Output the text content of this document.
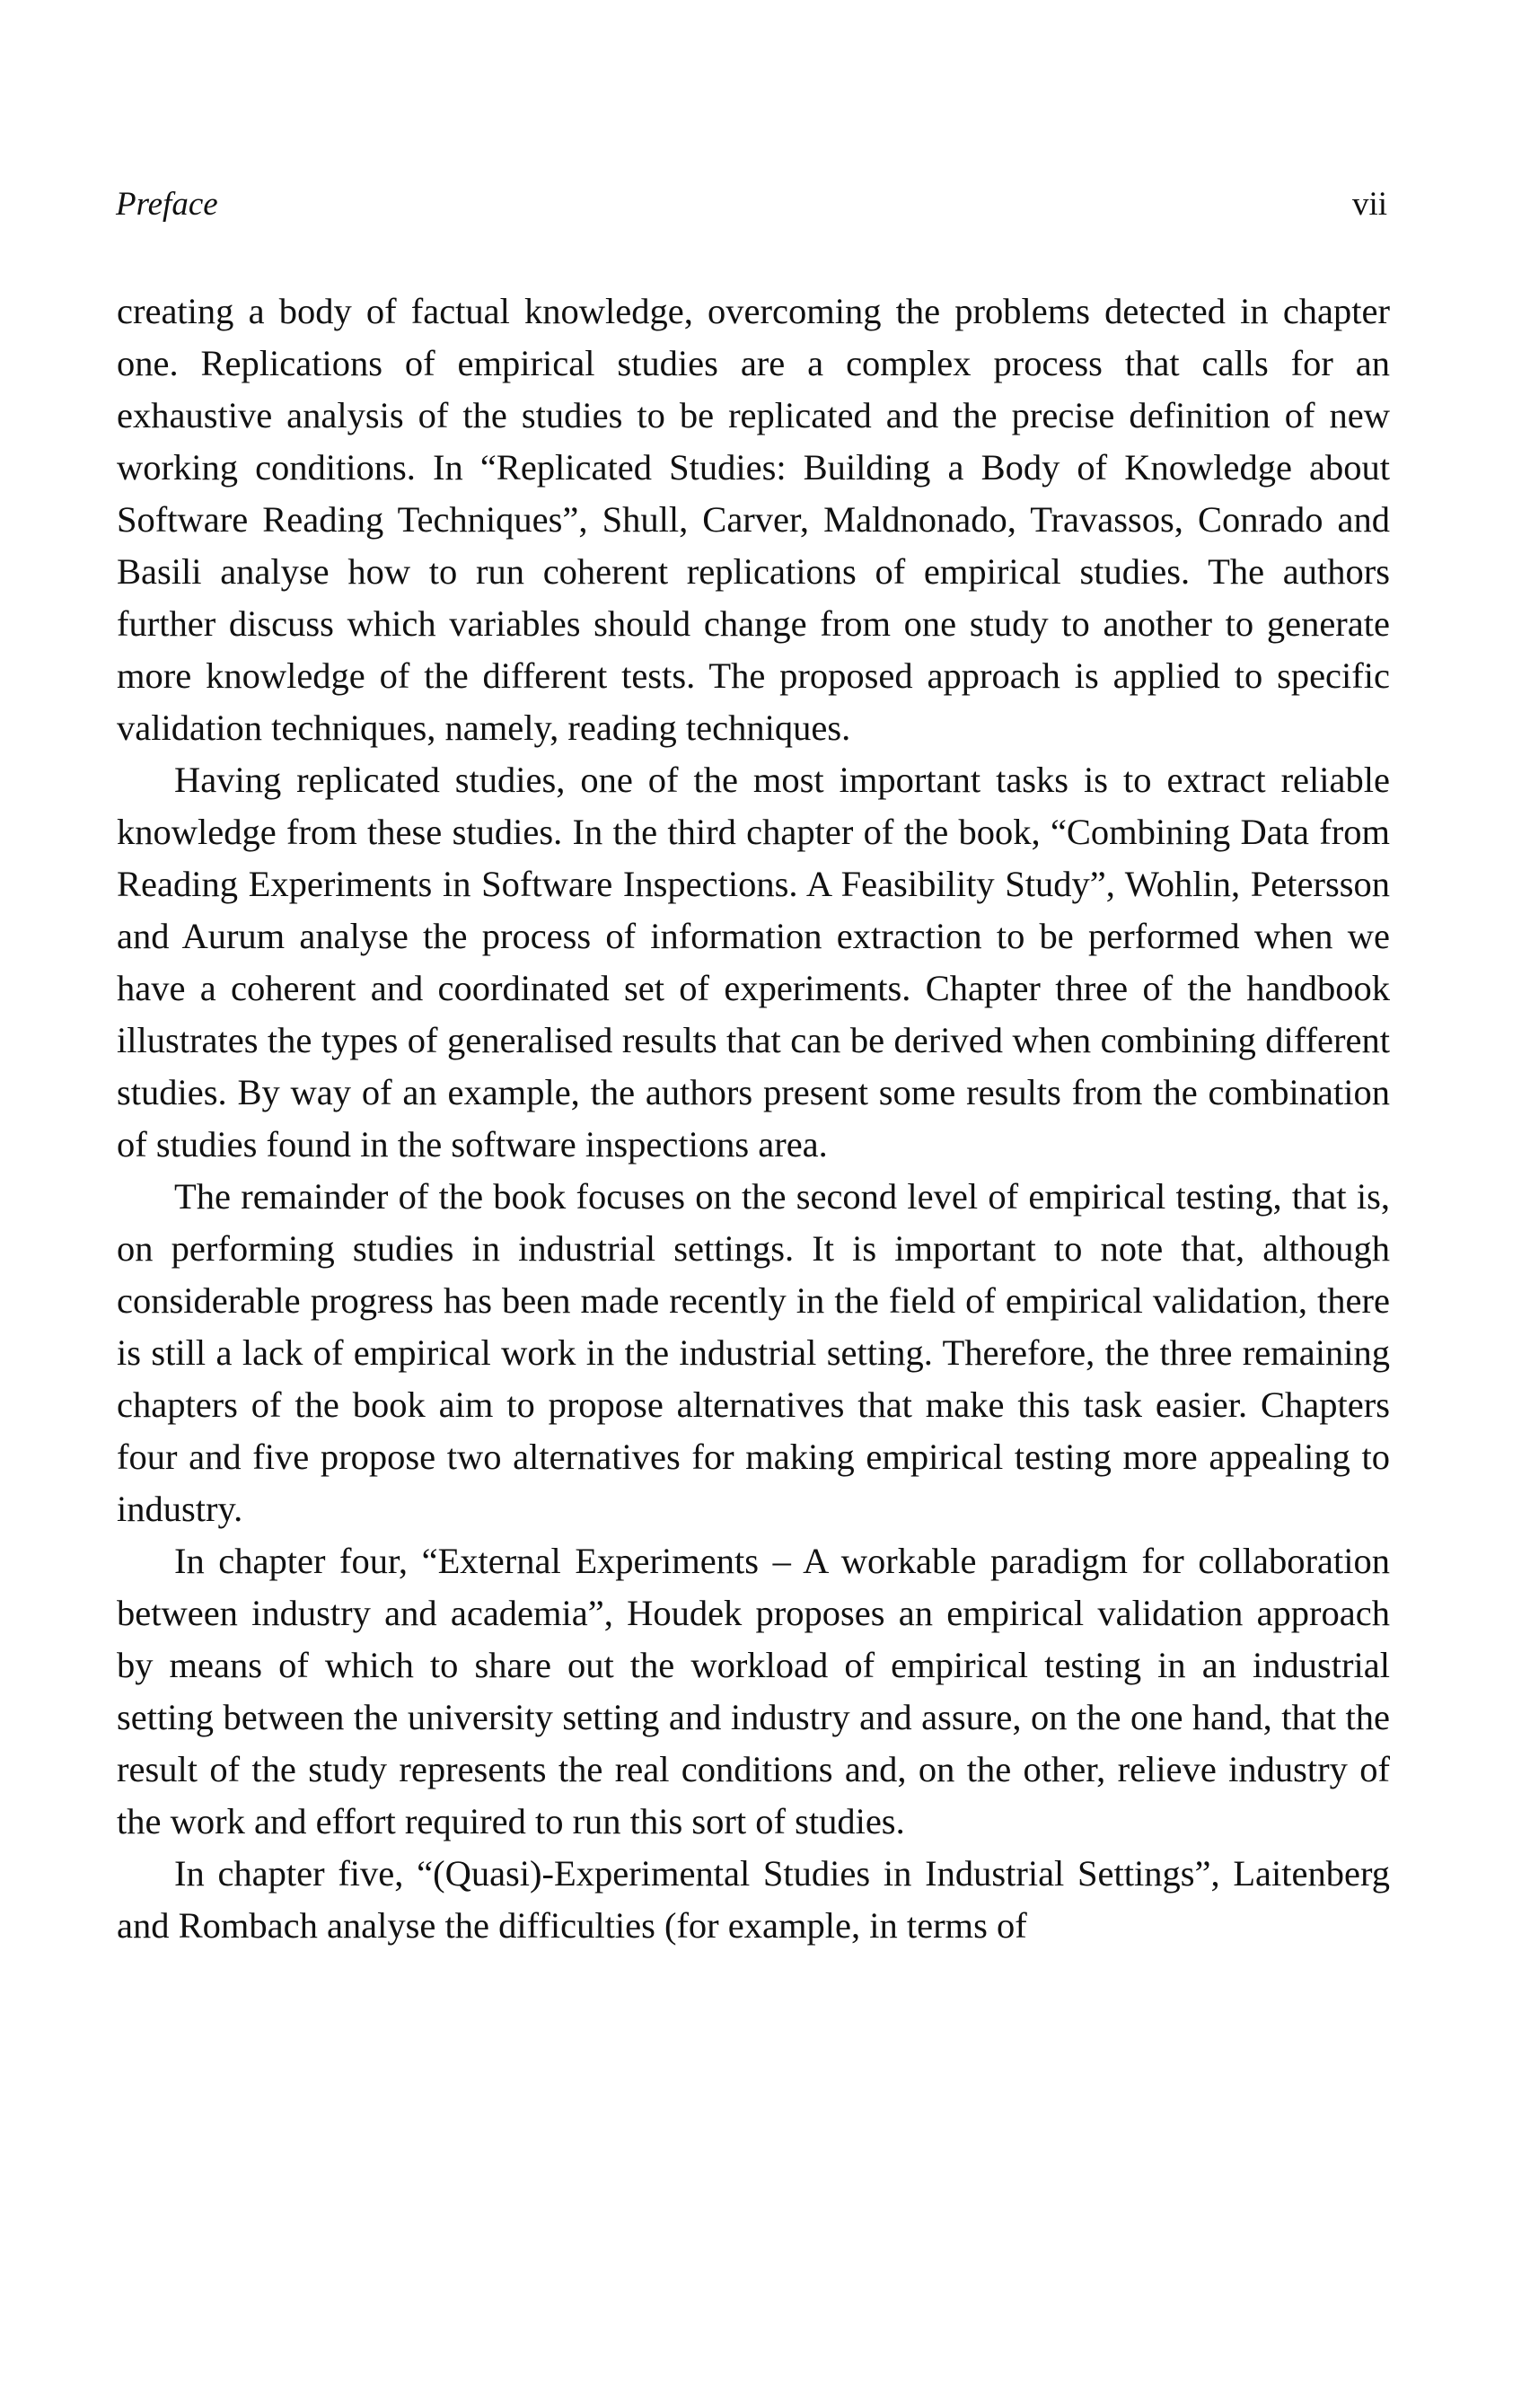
Preface	vii

creating a body of factual knowledge, overcoming the problems detected in chapter one. Replications of empirical studies are a complex process that calls for an exhaustive analysis of the studies to be replicated and the precise definition of new working conditions. In “Replicated Studies: Building a Body of Knowledge about Software Reading Techniques”, Shull, Carver, Maldnonado, Travassos, Conrado and Basili analyse how to run coherent replications of empirical studies. The authors further discuss which variables should change from one study to another to generate more knowledge of the different tests. The proposed approach is applied to specific validation techniques, namely, reading techniques.

Having replicated studies, one of the most important tasks is to extract reliable knowledge from these studies. In the third chapter of the book, “Combining Data from Reading Experiments in Software Inspections. A Feasibility Study”, Wohlin, Petersson and Aurum analyse the process of information extraction to be performed when we have a coherent and coordinated set of experiments. Chapter three of the handbook illustrates the types of generalised results that can be derived when combining different studies. By way of an example, the authors present some results from the combination of studies found in the software inspections area.

The remainder of the book focuses on the second level of empirical testing, that is, on performing studies in industrial settings. It is important to note that, although considerable progress has been made recently in the field of empirical validation, there is still a lack of empirical work in the industrial setting. Therefore, the three remaining chapters of the book aim to propose alternatives that make this task easier. Chapters four and five propose two alternatives for making empirical testing more appealing to industry.

In chapter four, “External Experiments – A workable paradigm for collaboration between industry and academia”, Houdek proposes an empirical validation approach by means of which to share out the workload of empirical testing in an industrial setting between the university setting and industry and assure, on the one hand, that the result of the study represents the real conditions and, on the other, relieve industry of the work and effort required to run this sort of studies.

In chapter five, “(Quasi)-Experimental Studies in Industrial Settings”, Laitenberg and Rombach analyse the difficulties (for example, in terms of
